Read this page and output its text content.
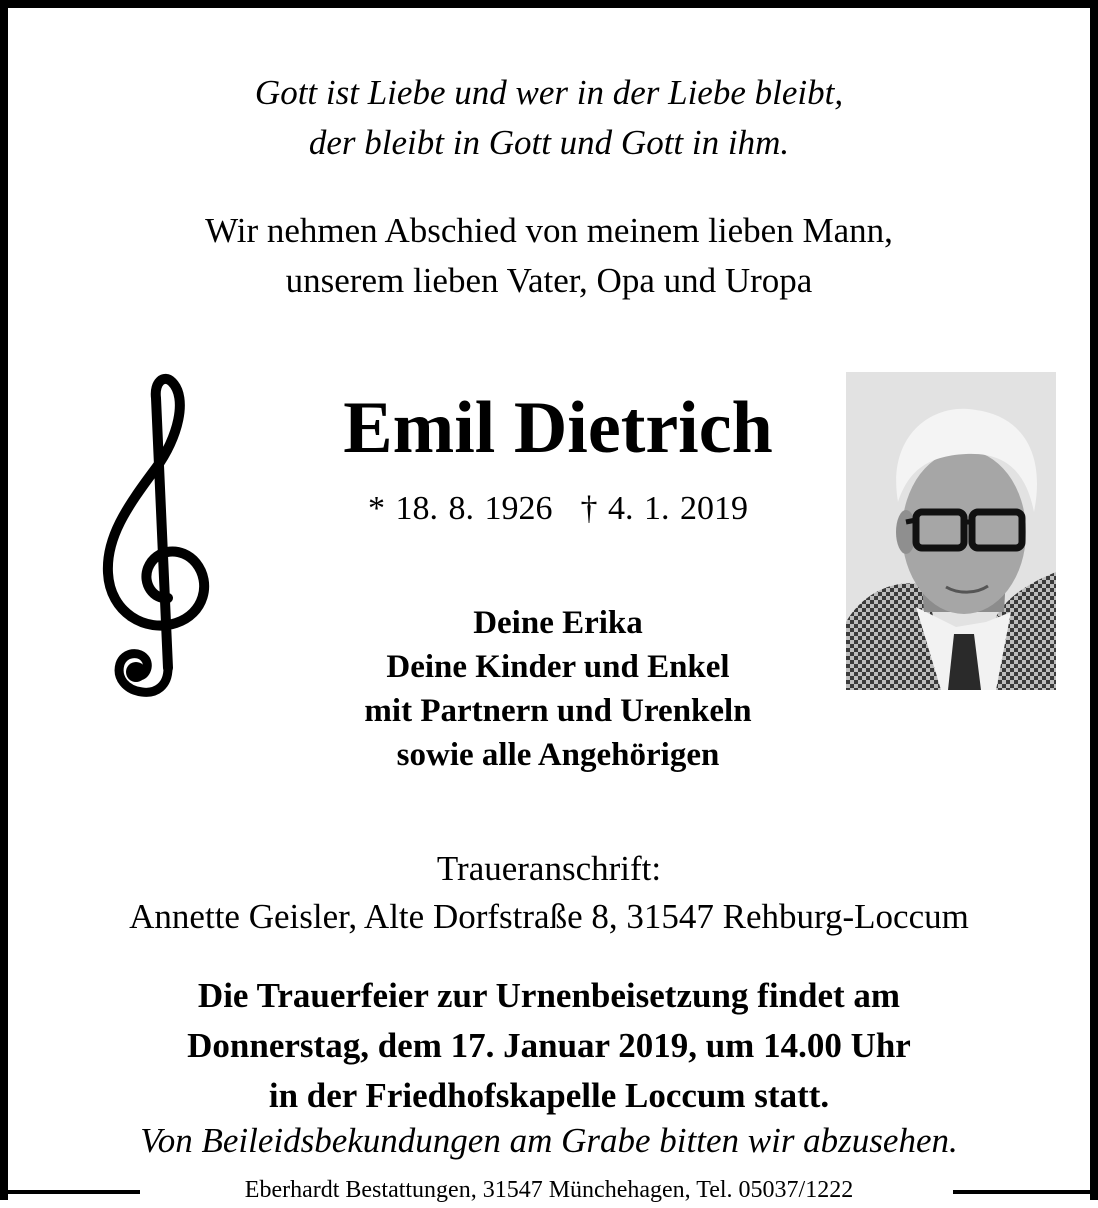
Gott ist Liebe und wer in der Liebe bleibt,
der bleibt in Gott und Gott in ihm.
Wir nehmen Abschied von meinem lieben Mann,
unserem lieben Vater, Opa und Uropa
Emil Dietrich
* 18. 8. 1926 † 4. 1. 2019
Deine Erika
Deine Kinder und Enkel
mit Partnern und Urenkeln
sowie alle Angehörigen
Traueranschrift:
Annette Geisler, Alte Dorfstraße 8, 31547 Rehburg-Loccum
Die Trauerfeier zur Urnenbeisetzung findet am
Donnerstag, dem 17. Januar 2019, um 14.00 Uhr
in der Friedhofskapelle Loccum statt.
Von Beileidsbekundungen am Grabe bitten wir abzusehen.
Eberhardt Bestattungen, 31547 Münchehagen, Tel. 05037/1222
